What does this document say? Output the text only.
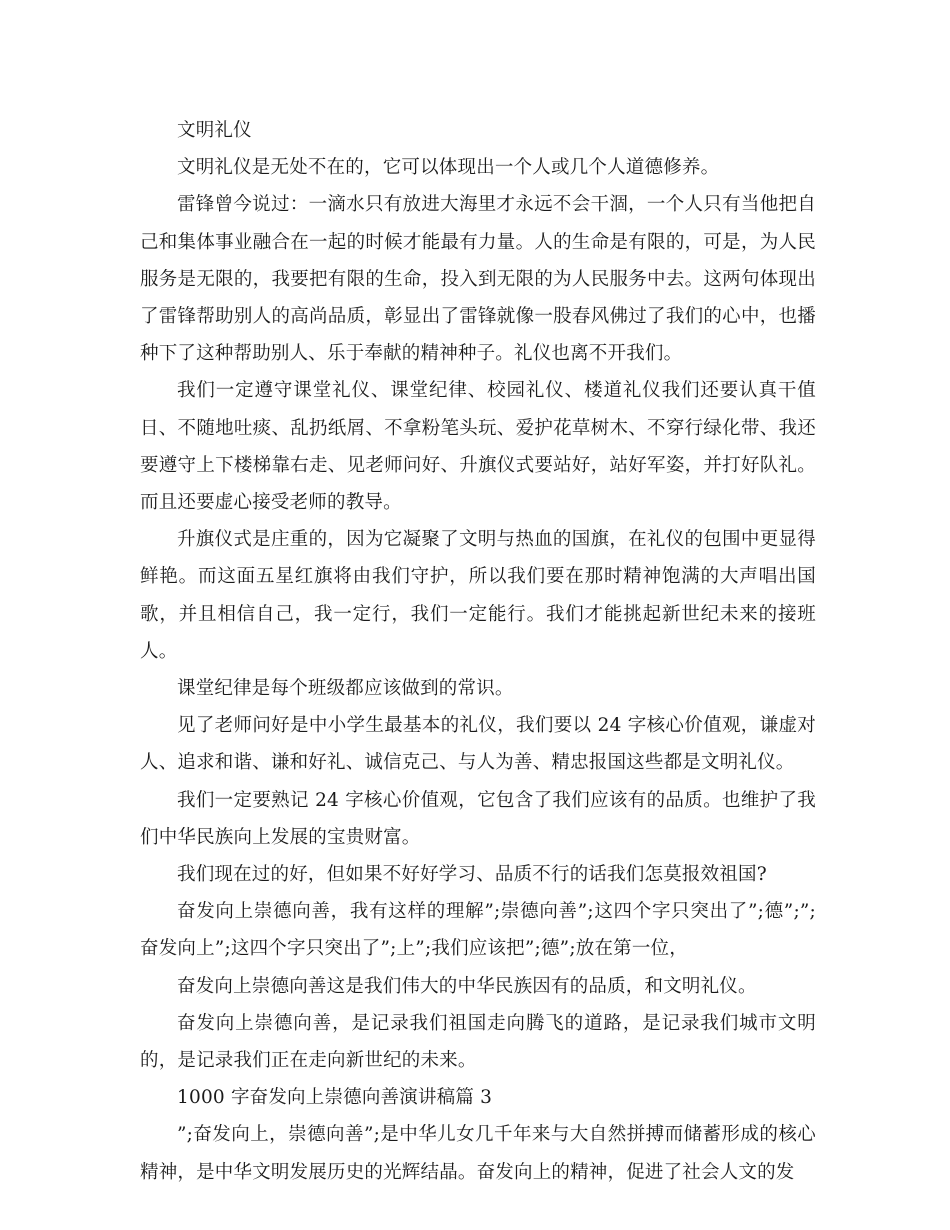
文明礼仪

文明礼仪是无处不在的，它可以体现出一个人或几个人道德修养。

雷锋曾今说过：一滴水只有放进大海里才永远不会干涸，一个人只有当他把自己和集体事业融合在一起的时候才能最有力量。人的生命是有限的，可是，为人民服务是无限的，我要把有限的生命，投入到无限的为人民服务中去。这两句体现出了雷锋帮助别人的高尚品质，彰显出了雷锋就像一股春风佛过了我们的心中，也播种下了这种帮助别人、乐于奉献的精神种子。礼仪也离不开我们。

我们一定遵守课堂礼仪、课堂纪律、校园礼仪、楼道礼仪我们还要认真干值日、不随地吐痰、乱扔纸屑、不拿粉笔头玩、爱护花草树木、不穿行绿化带、我还要遵守上下楼梯靠右走、见老师问好、升旗仪式要站好，站好军姿，并打好队礼。而且还要虚心接受老师的教导。

升旗仪式是庄重的，因为它凝聚了文明与热血的国旗，在礼仪的包围中更显得鲜艳。而这面五星红旗将由我们守护，所以我们要在那时精神饱满的大声唱出国歌，并且相信自己，我一定行，我们一定能行。我们才能挑起新世纪未来的接班人。

课堂纪律是每个班级都应该做到的常识。

见了老师问好是中小学生最基本的礼仪，我们要以 24 字核心价值观，谦虚对人、追求和谐、谦和好礼、诚信克己、与人为善、精忠报国这些都是文明礼仪。

我们一定要熟记 24 字核心价值观，它包含了我们应该有的品质。也维护了我们中华民族向上发展的宝贵财富。

我们现在过的好，但如果不好好学习、品质不行的话我们怎莫报效祖国?

奋发向上崇德向善，我有这样的理解”;崇德向善”;这四个字只突出了”;德”;”;奋发向上”;这四个字只突出了”;上”;我们应该把”;德”;放在第一位，

奋发向上崇德向善这是我们伟大的中华民族因有的品质，和文明礼仪。

奋发向上崇德向善，是记录我们祖国走向腾飞的道路，是记录我们城市文明的，是记录我们正在走向新世纪的未来。

1000 字奋发向上崇德向善演讲稿篇 3

”;奋发向上，崇德向善”;是中华儿女几千年来与大自然拼搏而储蓄形成的核心精神，是中华文明发展历史的光辉结晶。奋发向上的精神，促进了社会人文的发
